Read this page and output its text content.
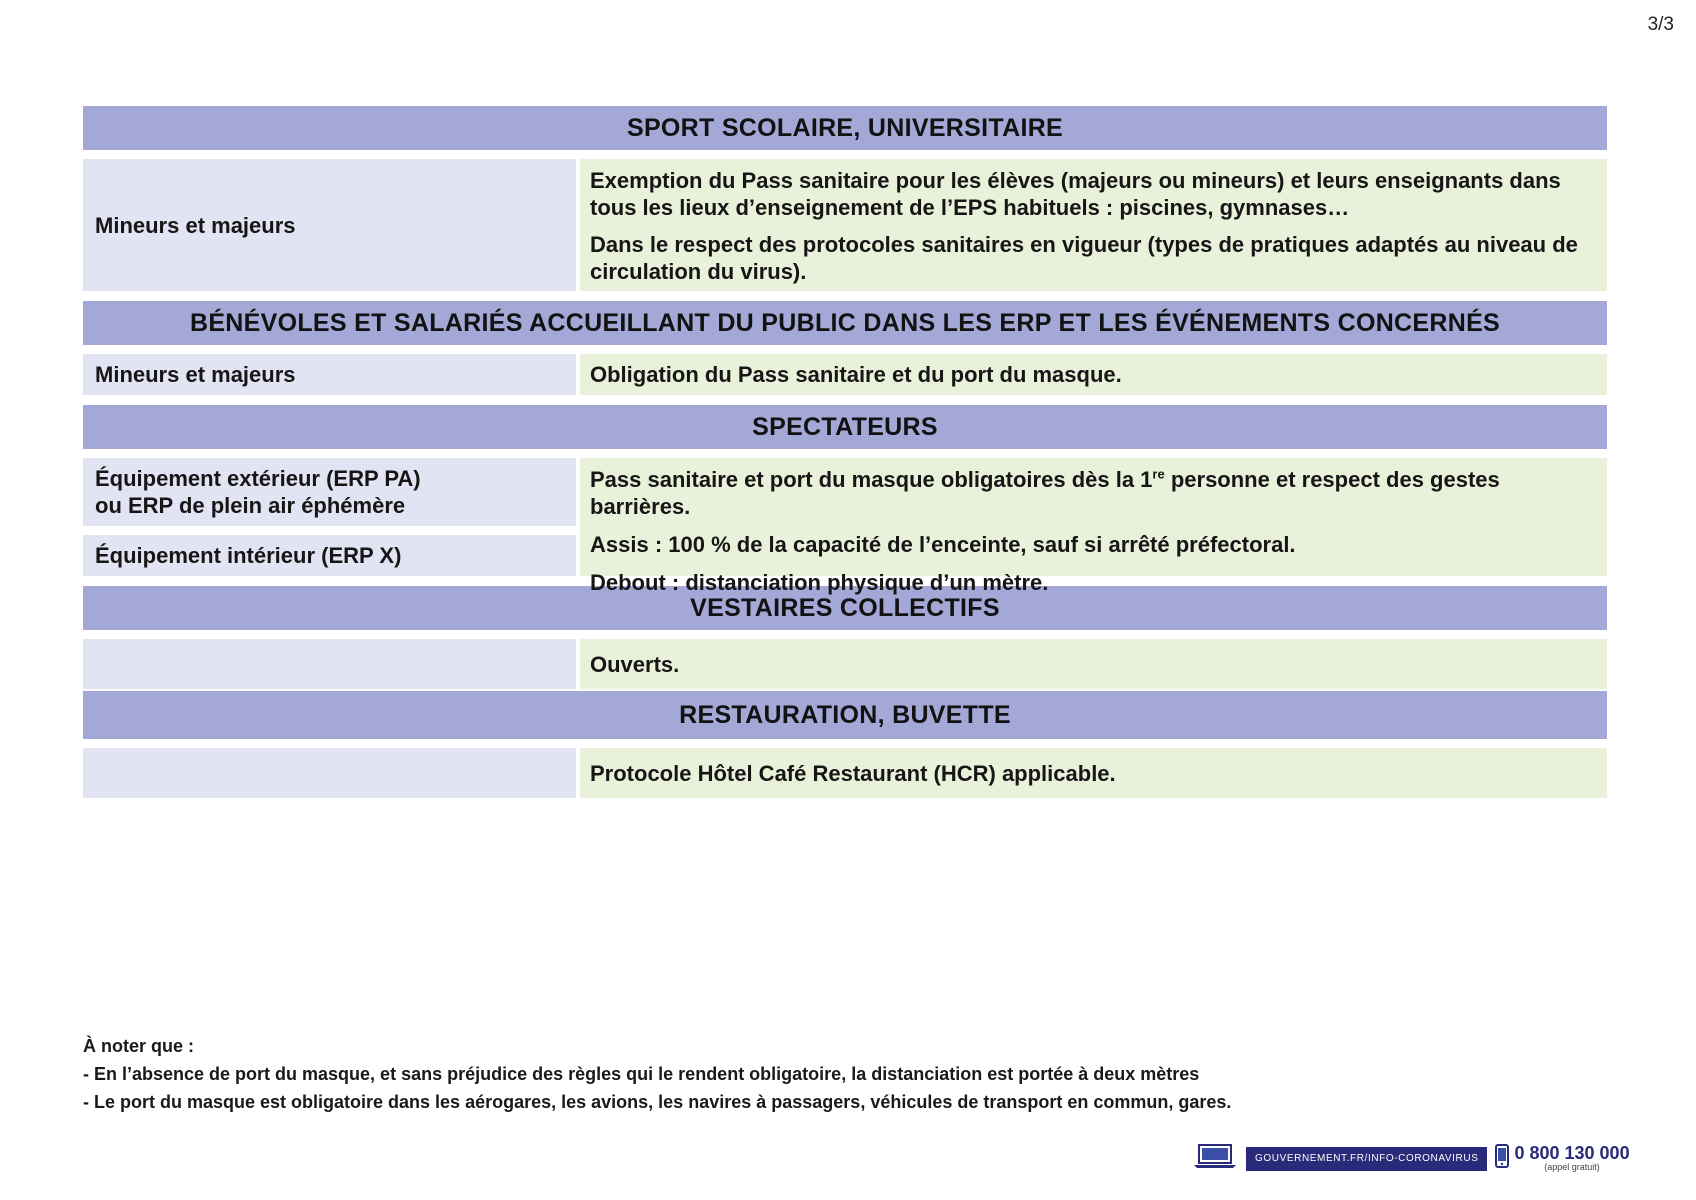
3/3
SPORT SCOLAIRE, UNIVERSITAIRE
Mineurs et majeurs

Exemption du Pass sanitaire pour les élèves (majeurs ou mineurs) et leurs enseignants dans tous les lieux d’enseignement de l’EPS habituels : piscines, gymnases…

Dans le respect des protocoles sanitaires en vigueur (types de pratiques adaptés au niveau de circulation du virus).

BÉNÉVOLES ET SALARIÉS ACCUEILLANT DU PUBLIC DANS LES ERP ET LES ÉVÉNEMENTS CONCERNÉS
Mineurs et majeurs	Obligation du Pass sanitaire et du port du masque.
SPECTATEURS
Équipement extérieur (ERP PA)
ou ERP de plein air éphémère
Équipement intérieur (ERP X)

Pass sanitaire et port du masque obligatoires dès la 1re personne et respect des gestes barrières.

Assis : 100 % de la capacité de l’enceinte, sauf si arrêté préfectoral.

Debout : distanciation physique d’un mètre.

VESTAIRES COLLECTIFS
Ouverts.
RESTAURATION, BUVETTE
Protocole Hôtel Café Restaurant (HCR) applicable.
À noter que :
- En l’absence de port du masque, et sans préjudice des règles qui le rendent obligatoire, la distanciation est portée à deux mètres
- Le port du masque est obligatoire dans les aérogares, les avions, les navires à passagers, véhicules de transport en commun, gares.
GOUVERNEMENT.FR/INFO-CORONAVIRUS	0 800 130 000
(appel gratuit)
